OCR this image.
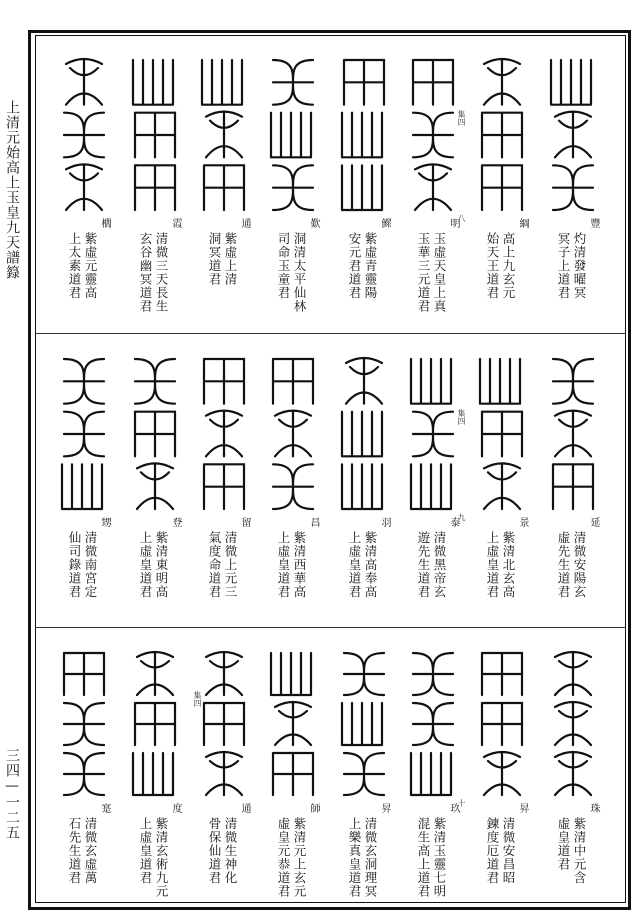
上清元始高上玉皇九天譜籙
三四—一二五
豐
灼清發曜冥
冥子上道君
綱
高上九玄元
始天王道君
明
玉虛天皇上真
玉華三元道君
鰥
紫虛青靈陽
安元君道君
歎
洞清太平仙林
司命玉童君
通
紫虛上清
洞冥道君
霞
清微三天長生
玄谷幽冥道君
櫚
紫虛元靈高
上太素道君
集四
八
延
清微安陽玄
虛先生道君
景
紫清北玄高
上虛皇道君
泰
清微黑帝玄
遊先生道君
羽
紫清高奉高
上虛皇道君
昌
紫清西華高
上虛皇道君
留
清微上元三
氣度命道君
登
紫清東明高
上虛皇道君
甥
清微南宮定
仙司錄道君
集四
九
珠
紫清中元含
虛皇道君
昇
清微安昌昭
鍊度厄道君
玖
紫清玉靈七明
混生高上道君
昇
清微玄洞理冥
上樂真皇道君
師
紫清元上玄元
虛皇元恭道君
通
清微生神化
骨保仙道君
度
紫清玄術九元
上虛皇道君
寔
清微玄虛萬
石先生道君
集四
十
